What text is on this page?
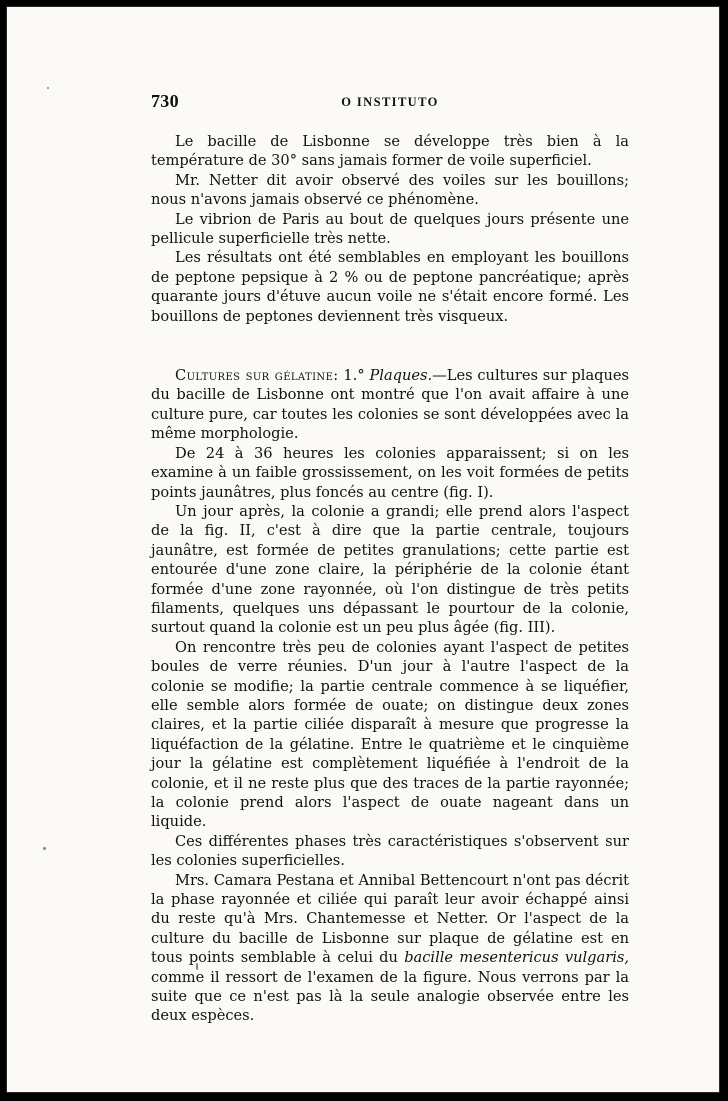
730	O INSTITUTO

Le bacille de Lisbonne se développe très bien à la température de 30° sans jamais former de voile superficiel.

Mr. Netter dit avoir observé des voiles sur les bouillons; nous n'avons jamais observé ce phénomène.

Le vibrion de Paris au bout de quelques jours présente une pellicule superficielle très nette.

Les résultats ont été semblables en employant les bouillons de peptone pepsique à 2 % ou de peptone pancréatique; après quarante jours d'étuve aucun voile ne s'était encore formé. Les bouillons de peptones deviennent très visqueux.

Cultures sur gélatine: 1.° Plaques.—Les cultures sur plaques du bacille de Lisbonne ont montré que l'on avait affaire à une culture pure, car toutes les colonies se sont développées avec la même morphologie.

De 24 à 36 heures les colonies apparaissent; si on les examine à un faible grossissement, on les voit formées de petits points jaunâtres, plus foncés au centre (fig. I).

Un jour après, la colonie a grandi; elle prend alors l'aspect de la fig. II, c'est à dire que la partie centrale, toujours jaunâtre, est formée de petites granulations; cette partie est entourée d'une zone claire, la périphérie de la colonie étant formée d'une zone rayonnée, où l'on distingue de très petits filaments, quelques uns dépassant le pourtour de la colonie, surtout quand la colonie est un peu plus âgée (fig. III).

On rencontre très peu de colonies ayant l'aspect de petites boules de verre réunies. D'un jour à l'autre l'aspect de la colonie se modifie; la partie centrale commence à se liquéfier, elle semble alors formée de ouate; on distingue deux zones claires, et la partie ciliée disparaît à mesure que progresse la liquéfaction de la gélatine. Entre le quatrième et le cinquième jour la gélatine est complètement liquéfiée à l'endroit de la colonie, et il ne reste plus que des traces de la partie rayonnée; la colonie prend alors l'aspect de ouate nageant dans un liquide.

Ces différentes phases très caractéristiques s'observent sur les colonies superficielles.

Mrs. Camara Pestana et Annibal Bettencourt n'ont pas décrit la phase rayonnée et ciliée qui paraît leur avoir échappé ainsi du reste qu'à Mrs. Chantemesse et Netter. Or l'aspect de la culture du bacille de Lisbonne sur plaque de gélatine est en tous points semblable à celui du bacille mesentericus vulgaris, comme il ressort de l'examen de la figure. Nous verrons par la suite que ce n'est pas là la seule analogie observée entre les deux espèces.
